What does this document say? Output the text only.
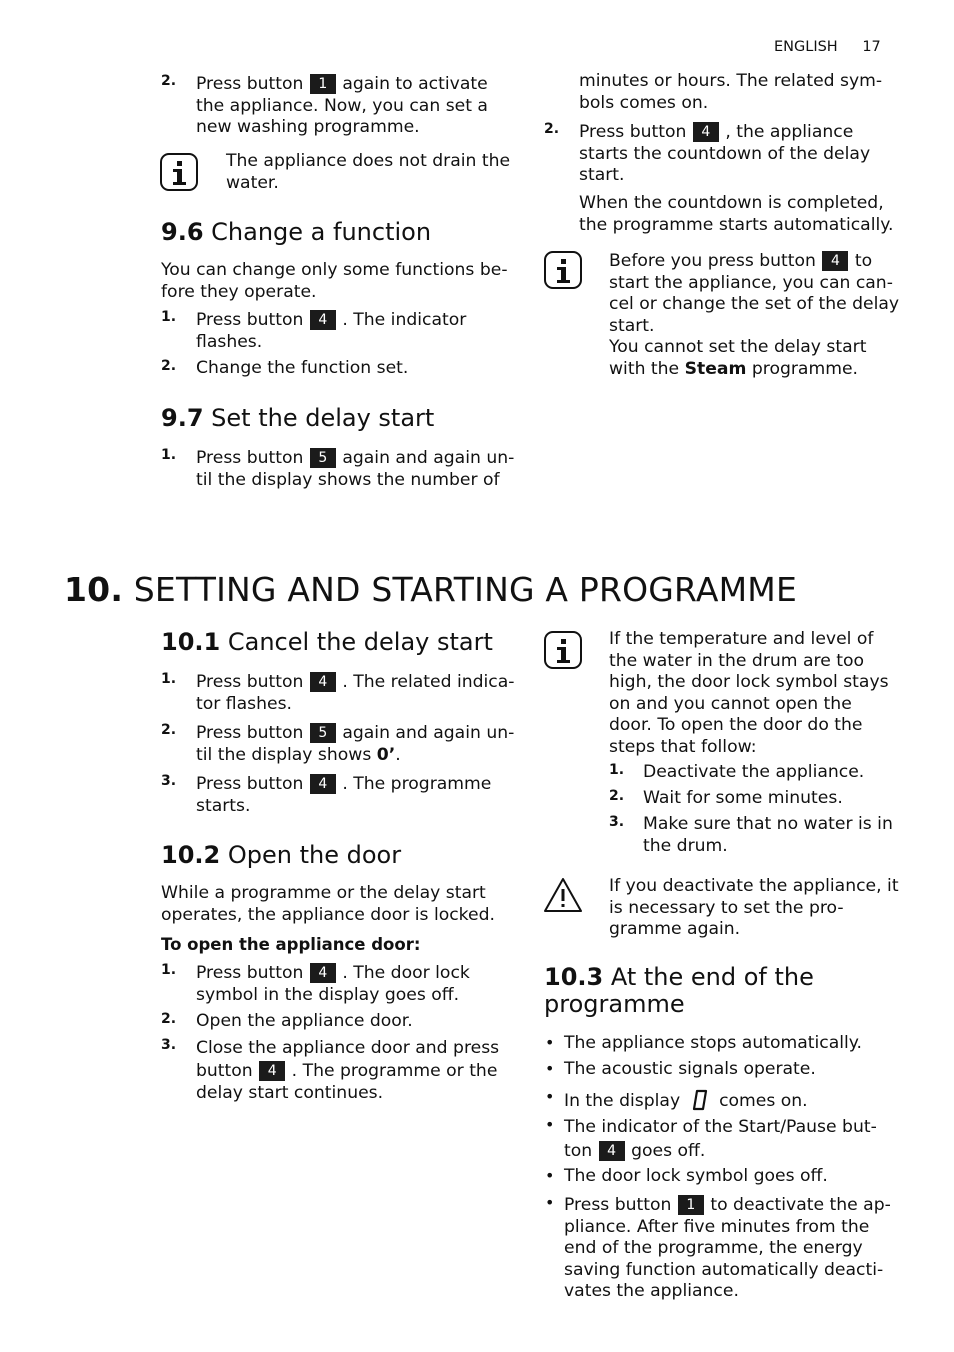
ENGLISH 17
2. Press button 1 again to activate
the appliance. Now, you can set a
new washing programme.

The appliance does not drain the
water.

9.6 Change a function

You can change only some functions be-
fore they operate.

1. Press button 4 . The indicator
flashes.

2. Change the function set.

9.7 Set the delay start
1. Press button 5 again and again un-
til the display shows the number of

minutes or hours. The related sym-
bols comes on.

2. Press button 4 , the appliance
starts the countdown of the delay
start.

When the countdown is completed,
the programme starts automatically.

Before you press button 4 to
start the appliance, you can can-
cel or change the set of the delay
start.
You cannot set the delay start
with the Steam programme.

10. SETTING AND STARTING A PROGRAMME
10.1 Cancel the delay start
1. Press button 4 . The related indica-
tor flashes.

2. Press button 5 again and again un-
til the display shows 0’.

3. Press button 4 . The programme
starts.

10.2 Open the door

While a programme or the delay start
operates, the appliance door is locked.

To open the appliance door:

1. Press button 4 . The door lock
symbol in the display goes off.

2. Open the appliance door.

3. Close the appliance door and press
button 4 . The programme or the
delay start continues.

If the temperature and level of
the water in the drum are too
high, the door lock symbol stays
on and you cannot open the
door. To open the door do the
steps that follow:

1. Deactivate the appliance.

2. Wait for some minutes.

3. Make sure that no water is in
the drum.

If you deactivate the appliance, it
is necessary to set the pro-
gramme again.

10.3 At the end of the
programme
• The appliance stops automatically.

• The acoustic signals operate.

• In the display comes on.

• The indicator of the Start/Pause but-
ton 4 goes off.

• The door lock symbol goes off.

• Press button 1 to deactivate the ap-
pliance. After five minutes from the
end of the programme, the energy
saving function automatically deacti-
vates the appliance.
